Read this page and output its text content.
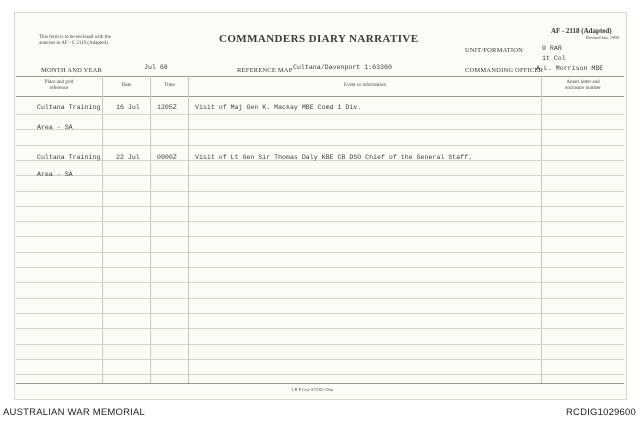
This form is to be enclosed with the
annexes in AF - C 2119 (Adapted).	COMMANDERS DIARY NARRATIVE
AF - 2118 (Adapted)
Revised Jan, 1968
UNIT/FORMATION	9 RAR
1t Col
MONTH AND YEAR	Jul 68	REFERENCE MAP Cultana/Davenport 1:63360	COMMANDING OFFICER
A.L. Morrison MBE
Place and grid
reference
Date	Time	Event or information
Annex letter and
enclosure number
Cultana Training
Area - SA
16 Jul	1205Z	Visit of Maj Gen K. Mackay MBE Comd 1 Div.
Cultana Training
Area - SA
22 Jul	0900Z	Visit of Lt Gen Sir Thomas Daly KBE CB DSO Chief of the General Staff.
1 B P Coy-275/65-15m
AUSTRALIAN WAR MEMORIAL	RCDIG1029600
